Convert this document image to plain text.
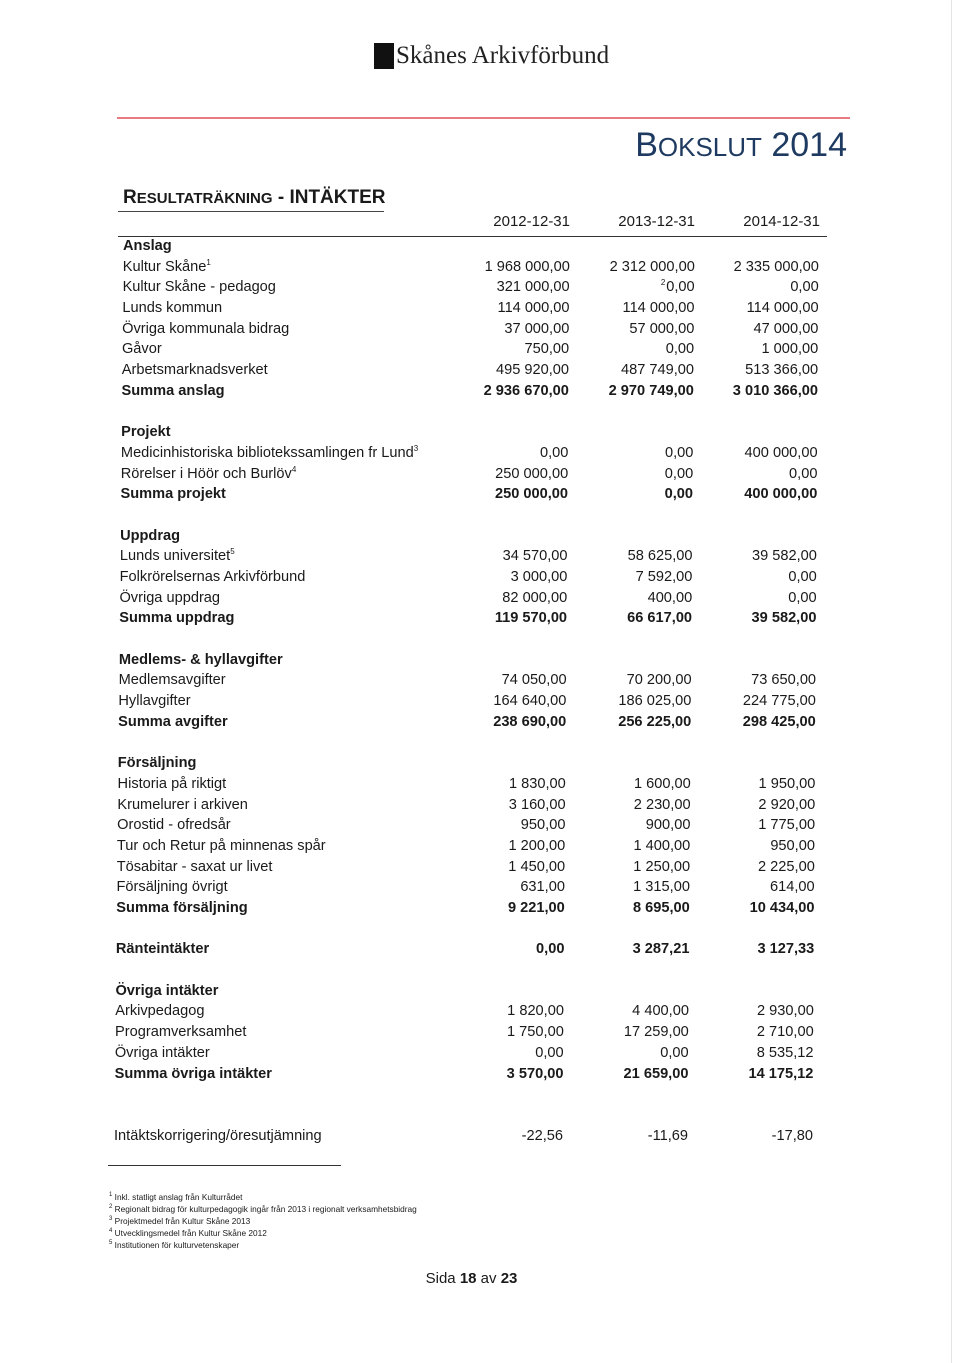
Skånes Arkivförbund
BOKSLUT 2014
RESULTATRÄKNING - INTÄKTER
2012-12-31	2013-12-31	2014-12-31
Anslag
Kultur Skåne$^1$	1 968 000,00	2 312 000,00	2 335 000,00
Kultur Skåne - pedagog	321 000,00	$^2$0,00	0,00
Lunds kommun	114 000,00	114 000,00	114 000,00
Övriga kommunala bidrag	37 000,00	57 000,00	47 000,00
Gåvor	750,00	0,00	1 000,00
Arbetsmarknadsverket	495 920,00	487 749,00	513 366,00
Summa anslag	2 936 670,00	2 970 749,00	3 010 366,00
Projekt
Medicinhistoriska bibliotekssamlingen fr Lund$^3$	0,00	0,00	400 000,00
Rörelser i Höör och Burlöv$^4$	250 000,00	0,00	0,00
Summa projekt	250 000,00	0,00	400 000,00
Uppdrag
Lunds universitet$^5$	34 570,00	58 625,00	39 582,00
Folkrörelsernas Arkivförbund	3 000,00	7 592,00	0,00
Övriga uppdrag	82 000,00	400,00	0,00
Summa uppdrag	119 570,00	66 617,00	39 582,00
Medlems- & hyllavgifter
Medlemsavgifter	74 050,00	70 200,00	73 650,00
Hyllavgifter	164 640,00	186 025,00	224 775,00
Summa avgifter	238 690,00	256 225,00	298 425,00
Försäljning
Historia på riktigt	1 830,00	1 600,00	1 950,00
Krumelurer i arkiven	3 160,00	2 230,00	2 920,00
Orostid - ofredsår	950,00	900,00	1 775,00
Tur och Retur på minnenas spår	1 200,00	1 400,00	950,00
Tösabitar - saxat ur livet	1 450,00	1 250,00	2 225,00
Försäljning övrigt	631,00	1 315,00	614,00
Summa försäljning	9 221,00	8 695,00	10 434,00
Ränteintäkter	0,00	3 287,21	3 127,33
Övriga intäkter
Arkivpedagog	1 820,00	4 400,00	2 930,00
Programverksamhet	1 750,00	17 259,00	2 710,00
Övriga intäkter	0,00	0,00	8 535,12
Summa övriga intäkter	3 570,00	21 659,00	14 175,12
Intäktskorrigering/öresutjämning	-22,56	-11,69	-17,80
$^1$ Inkl. statligt anslag från Kulturrådet
$^2$ Regionalt bidrag för kulturpedagogik ingår från 2013 i regionalt verksamhetsbidrag
$^3$ Projektmedel från Kultur Skåne 2013
$^4$ Utvecklingsmedel från Kultur Skåne 2012
$^5$ Institutionen för kulturvetenskaper
Sida 18 av 23
